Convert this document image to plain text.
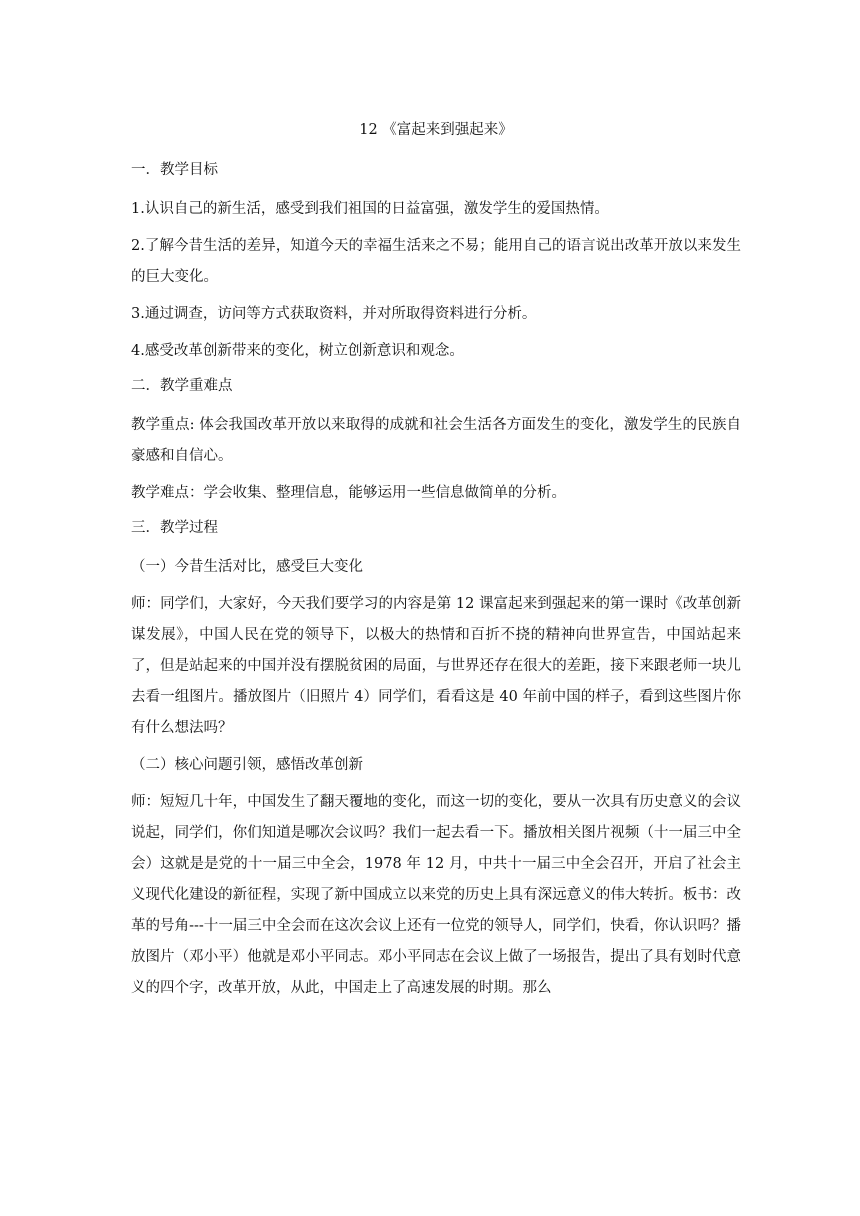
12 《富起来到强起来》
一．教学目标
1.认识自己的新生活，感受到我们祖国的日益富强，激发学生的爱国热情。
2.了解今昔生活的差异，知道今天的幸福生活来之不易；能用自己的语言说出改革开放以来发生的巨大变化。
3.通过调查，访问等方式获取资料，并对所取得资料进行分析。
4.感受改革创新带来的变化，树立创新意识和观念。
二．教学重难点
教学重点: 体会我国改革开放以来取得的成就和社会生活各方面发生的变化，激发学生的民族自豪感和自信心。
教学难点：学会收集、整理信息，能够运用一些信息做简单的分析。
三．教学过程
（一）今昔生活对比，感受巨大变化
师：同学们，大家好，今天我们要学习的内容是第 12 课富起来到强起来的第一课时《改革创新谋发展》，中国人民在党的领导下，以极大的热情和百折不挠的精神向世界宣告，中国站起来了，但是站起来的中国并没有摆脱贫困的局面，与世界还存在很大的差距，接下来跟老师一块儿去看一组图片。播放图片（旧照片 4）同学们，看看这是 40 年前中国的样子，看到这些图片你有什么想法吗？
（二）核心问题引领，感悟改革创新
师：短短几十年，中国发生了翻天覆地的变化，而这一切的变化，要从一次具有历史意义的会议说起，同学们，你们知道是哪次会议吗？我们一起去看一下。播放相关图片视频（十一届三中全会）这就是是党的十一届三中全会，1978 年 12 月，中共十一届三中全会召开，开启了社会主义现代化建设的新征程，实现了新中国成立以来党的历史上具有深远意义的伟大转折。板书：改革的号角---十一届三中全会而在这次会议上还有一位党的领导人，同学们，快看，你认识吗？播放图片（邓小平）他就是邓小平同志。邓小平同志在会议上做了一场报告，提出了具有划时代意义的四个字，改革开放，从此，中国走上了高速发展的时期。那么
